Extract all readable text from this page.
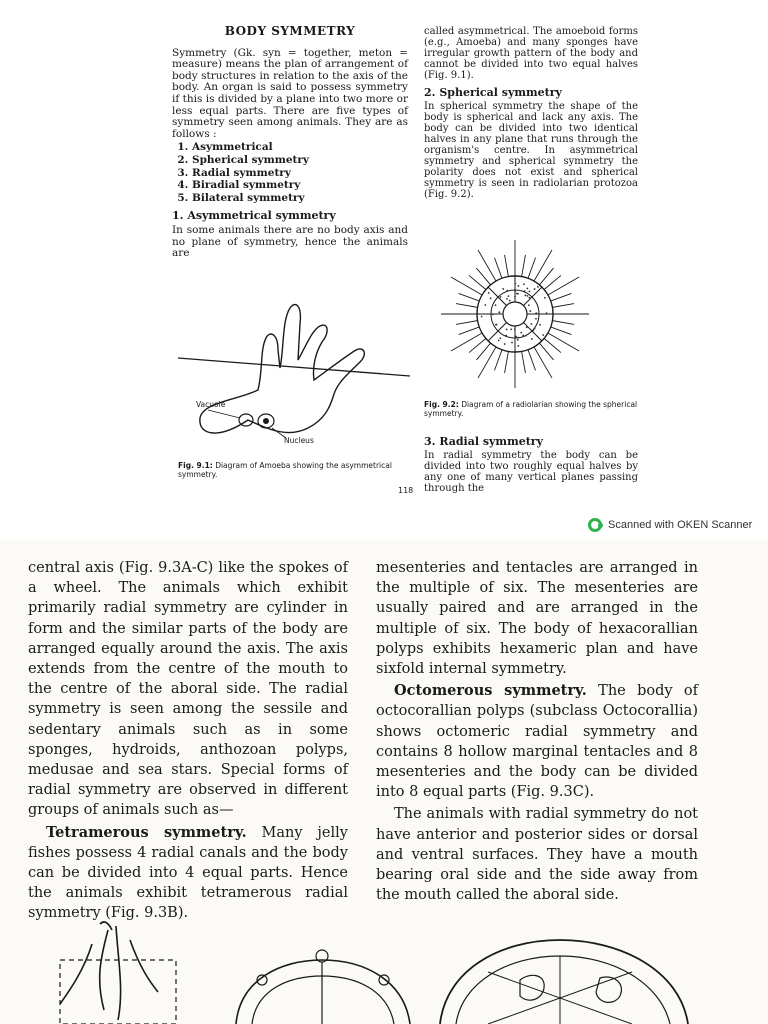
BODY SYMMETRY

Symmetry (Gk. syn = together, meton = measure) means the plan of arrangement of body structures in relation to the axis of the body. An organ is said to possess symmetry if this is divided by a plane into two more or less equal parts. There are five types of symmetry seen among animals. They are as follows :

1. Asymmetrical
2. Spherical symmetry
3. Radial symmetry
4. Biradial symmetry
5. Bilateral symmetry
1. Asymmetrical symmetry

In some animals there are no body axis and no plane of symmetry, hence the animals are

called asymmetrical. The amoeboid forms (e.g., Amoeba) and many sponges have irregular growth pattern of the body and cannot be divided into two equal halves (Fig. 9.1).

2. Spherical symmetry

In spherical symmetry the shape of the body is spherical and lack any axis. The body can be divided into two identical halves in any plane that runs through the organism's centre. In asymmetrical symmetry and spherical symmetry the polarity does not exist and spherical symmetry is seen in radiolarian protozoa (Fig. 9.2).

Vacuole
Nucleus
Fig. 9.1: Diagram of Amoeba showing the asymmetrical symmetry.
Fig. 9.2: Diagram of a radiolarian showing the spherical symmetry.
3. Radial symmetry

In radial symmetry the body can be divided into two roughly equal halves by any one of many vertical planes passing through the

118
Scanned with OKEN Scanner

central axis (Fig. 9.3A-C) like the spokes of a wheel. The animals which exhibit primarily radial symmetry are cylinder in form and the similar parts of the body are arranged equally around the axis. The axis extends from the centre of the mouth to the centre of the aboral side. The radial symmetry is seen among the sessile and sedentary animals such as in some sponges, hydroids, anthozoan polyps, medusae and sea stars. Special forms of radial symmetry are observed in different groups of animals such as—

Tetramerous symmetry. Many jelly fishes possess 4 radial canals and the body can be divided into 4 equal parts. Hence the animals exhibit tetramerous radial symmetry (Fig. 9.3B).

mesenteries and tentacles are arranged in the multiple of six. The mesenteries are usually paired and are arranged in the multiple of six. The body of hexacorallian polyps exhibits hexameric plan and have sixfold internal symmetry.

Octomerous symmetry. The body of octocorallian polyps (subclass Octocorallia) shows octomeric radial symmetry and contains 8 hollow marginal tentacles and 8 mesenteries and the body can be divided into 8 equal parts (Fig. 9.3C).

The animals with radial symmetry do not have anterior and posterior sides or dorsal and ventral surfaces. They have a mouth bearing oral side and the side away from the mouth called the aboral side.
